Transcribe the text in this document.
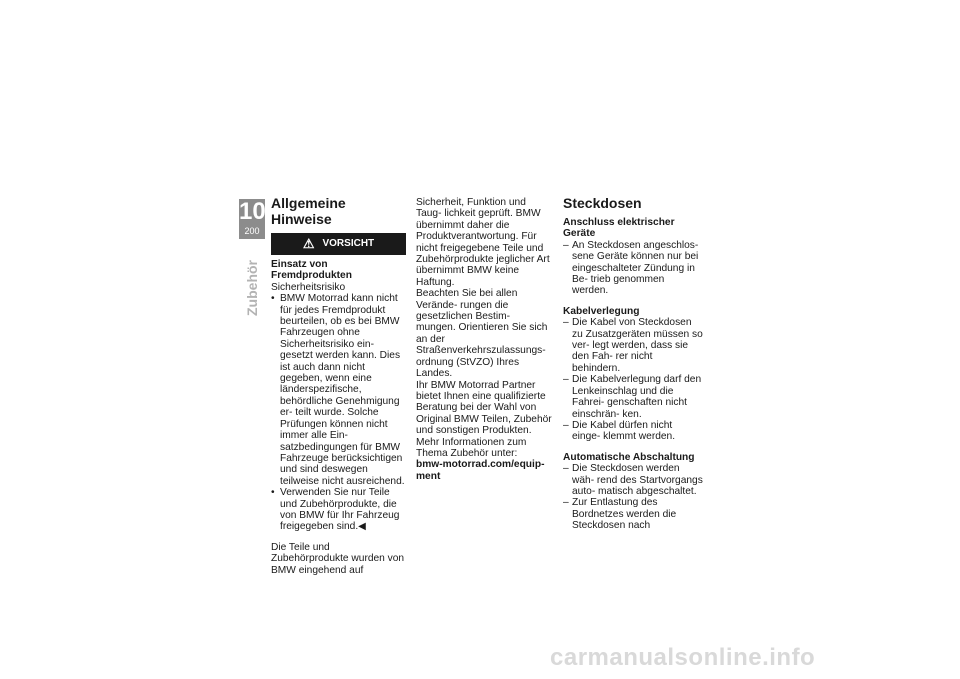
10
200
Zubehör
Allgemeine Hinweise
⚠ VORSICHT
Einsatz von Fremdprodukten
Sicherheitsrisiko
• BMW Motorrad kann nicht für jedes Fremdprodukt beurteilen, ob es bei BMW Fahrzeugen ohne Sicherheitsrisiko ein- gesetzt werden kann. Dies ist auch dann nicht gegeben, wenn eine länderspezifische, behördliche Genehmigung er- teilt wurde. Solche Prüfungen können nicht immer alle Ein- satzbedingungen für BMW Fahrzeuge berücksichtigen und sind deswegen teilweise nicht ausreichend.
• Verwenden Sie nur Teile und Zubehörprodukte, die von BMW für Ihr Fahrzeug freigegeben sind.◀
Die Teile und Zubehörprodukte wurden von BMW eingehend auf
Sicherheit, Funktion und Taug- lichkeit geprüft. BMW übernimmt daher die Produktverantwortung. Für nicht freigegebene Teile und Zubehörprodukte jeglicher Art übernimmt BMW keine Haftung.
Beachten Sie bei allen Verände- rungen die gesetzlichen Bestim- mungen. Orientieren Sie sich an der Straßenverkehrszulassungs- ordnung (StVZO) Ihres Landes.
Ihr BMW Motorrad Partner bietet Ihnen eine qualifizierte Beratung bei der Wahl von Original BMW Teilen, Zubehör und sonstigen Produkten.
Mehr Informationen zum Thema Zubehör unter:
bmw-motorrad.com/equip- ment
Steckdosen
Anschluss elektrischer Geräte
– An Steckdosen angeschlos- sene Geräte können nur bei eingeschalteter Zündung in Be- trieb genommen werden.
Kabelverlegung
– Die Kabel von Steckdosen zu Zusatzgeräten müssen so ver- legt werden, dass sie den Fah- rer nicht behindern.
– Die Kabelverlegung darf den Lenkeinschlag und die Fahrei- genschaften nicht einschrän- ken.
– Die Kabel dürfen nicht einge- klemmt werden.
Automatische Abschaltung
– Die Steckdosen werden wäh- rend des Startvorgangs auto- matisch abgeschaltet.
– Zur Entlastung des Bordnetzes werden die Steckdosen nach
carmanualsonline.info
